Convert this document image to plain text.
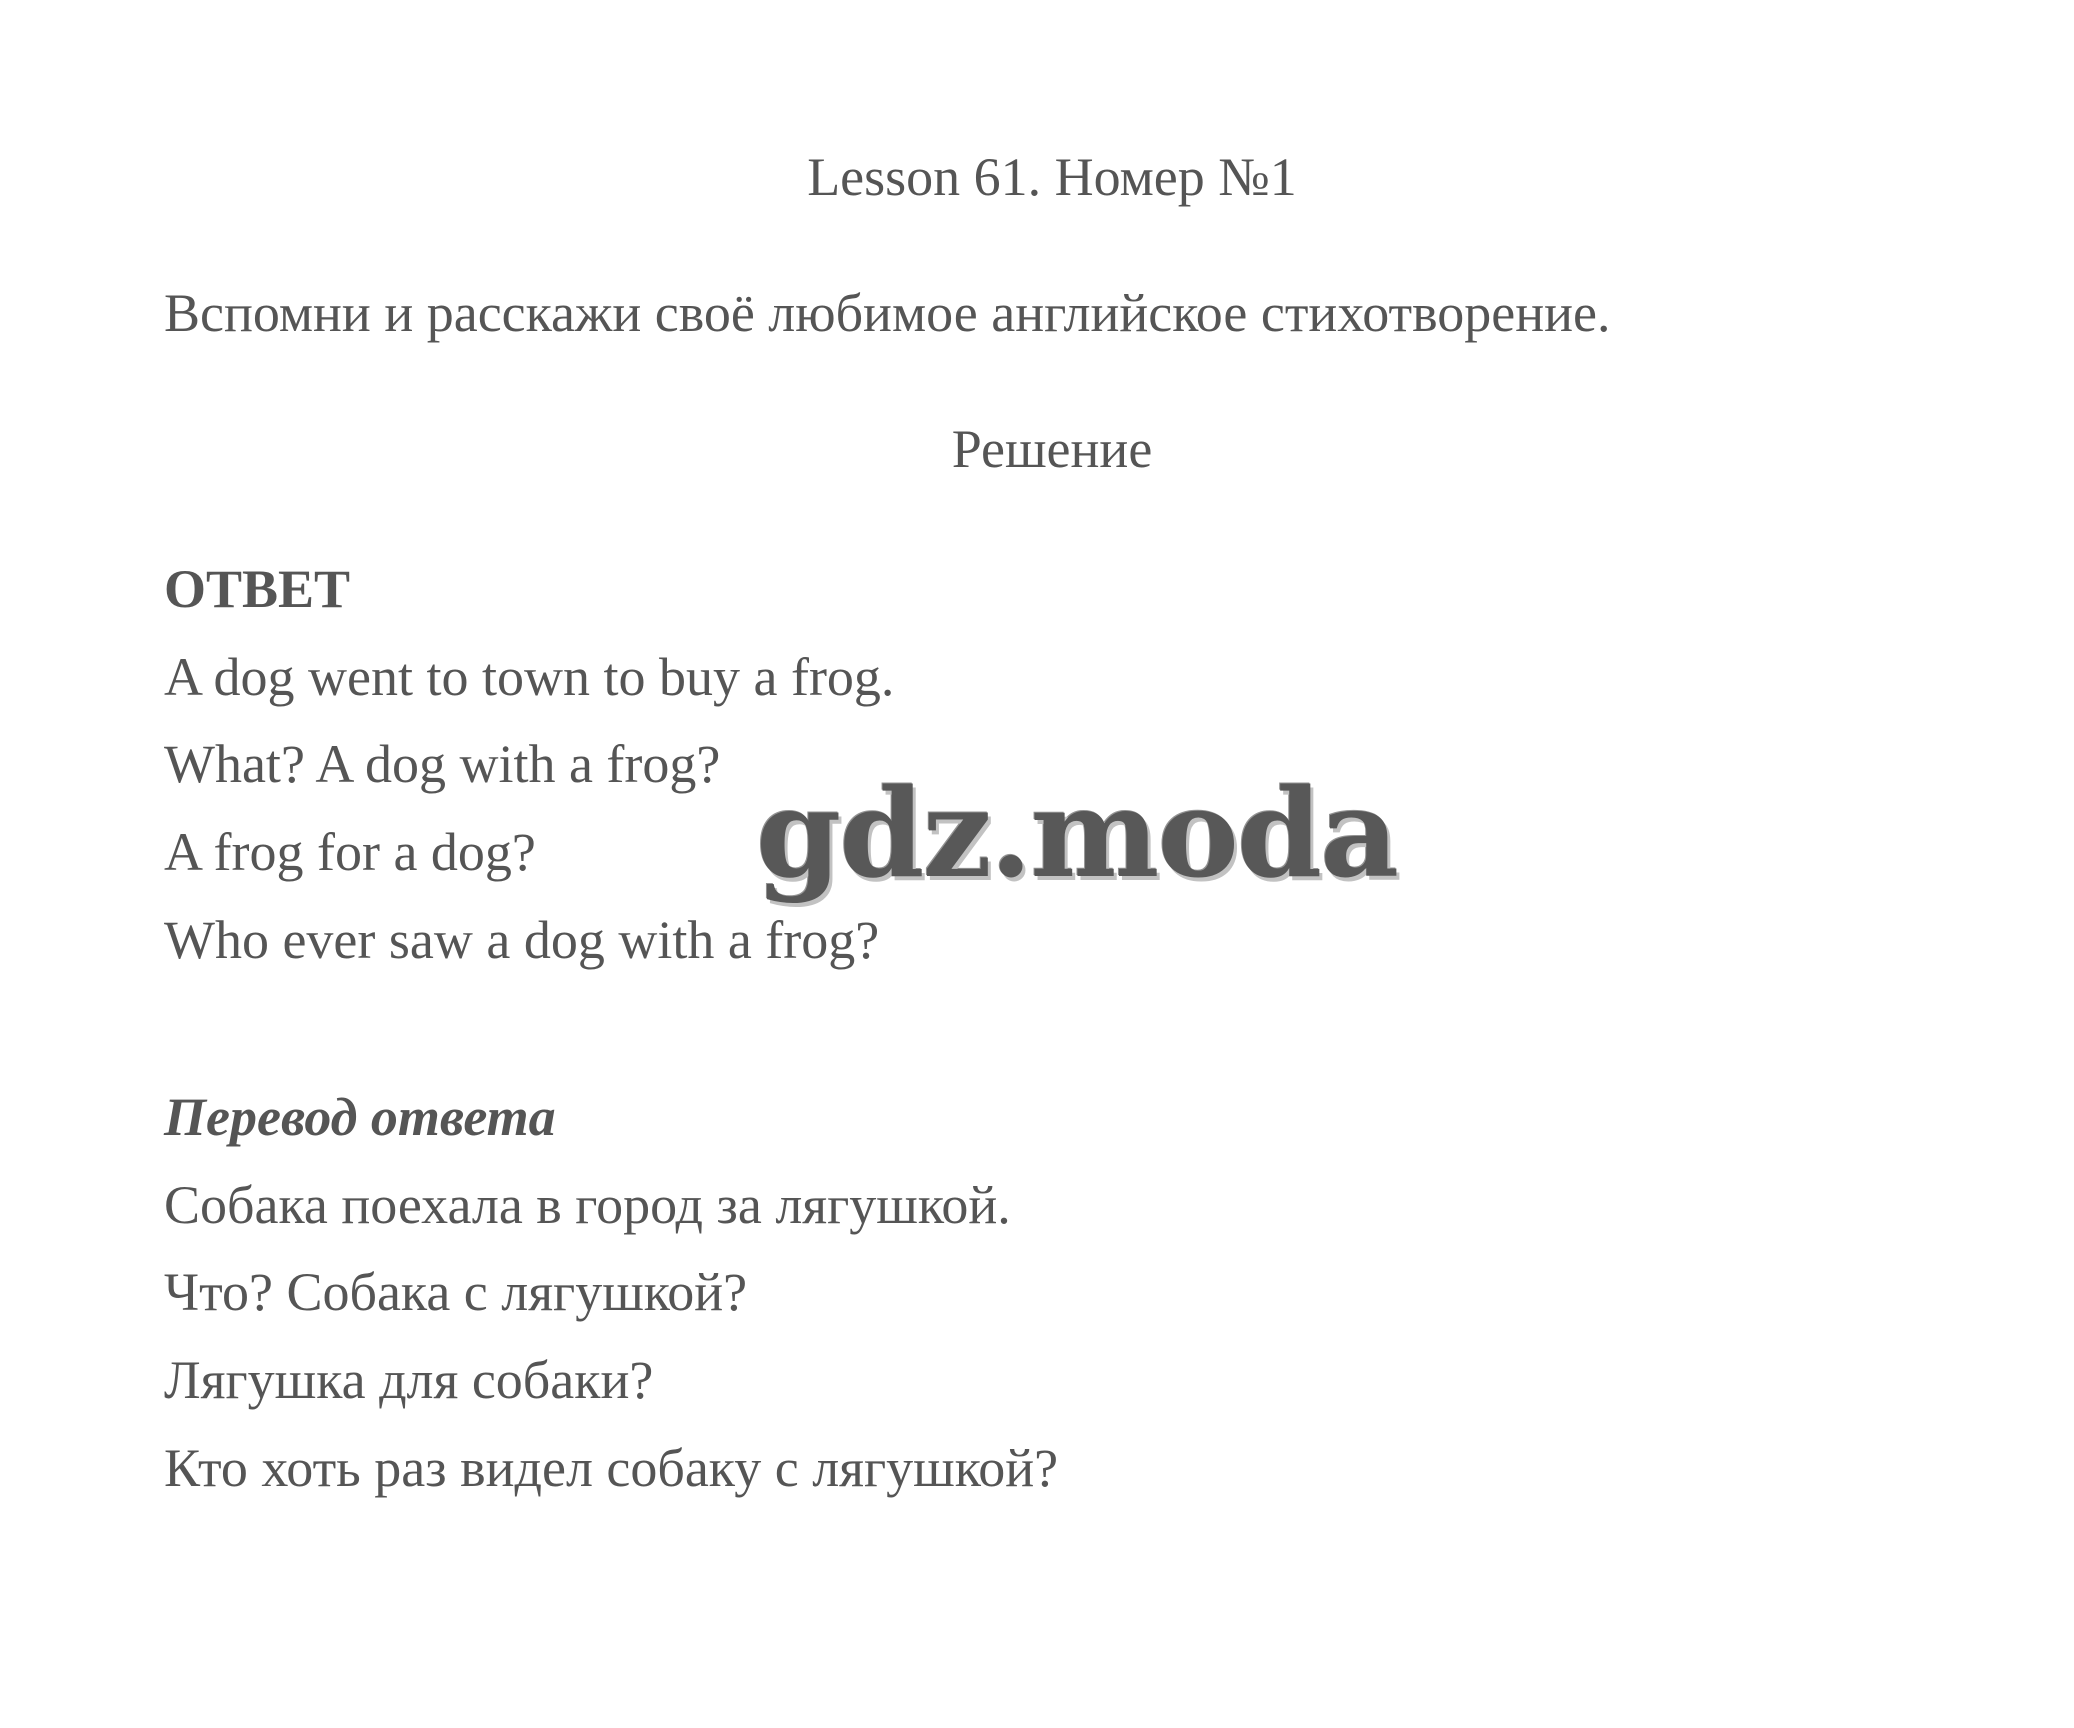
Lesson 61. Номер №1
Вспомни и расскажи своё любимое английское стихотворение.
Решение
ОТВЕТ
A dog went to town to buy a frog.
What? A dog with a frog?
A frog for a dog?
Who ever saw a dog with a frog?
Перевод ответа
Собака поехала в город за лягушкой.
Что? Собака с лягушкой?
Лягушка для собаки?
Кто хоть раз видел собаку с лягушкой?
gdz.moda
